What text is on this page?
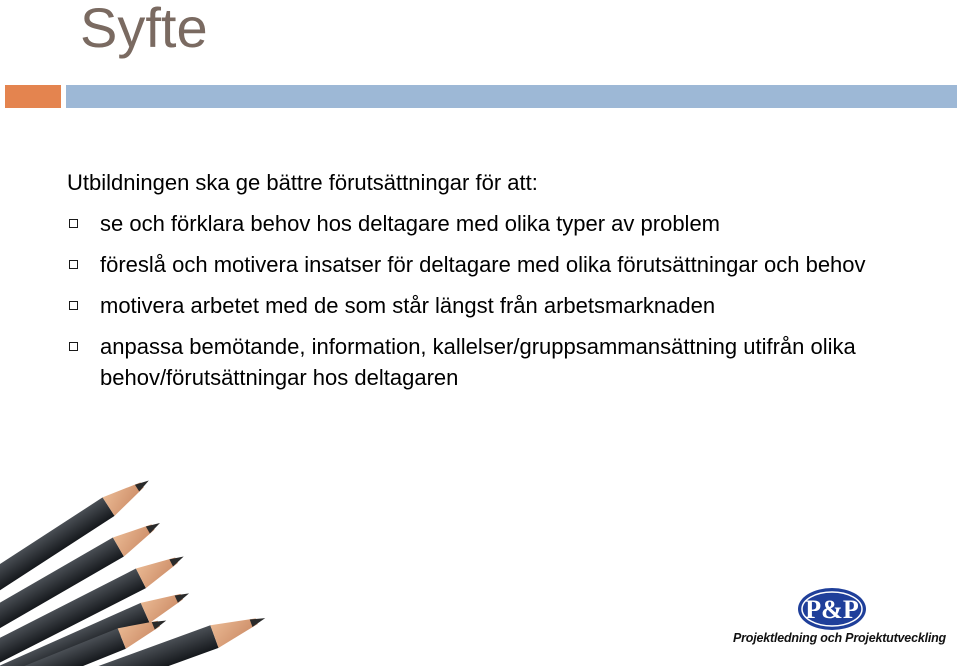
Syfte

Utbildningen ska ge bättre förutsättningar för att:

se och förklara behov hos deltagare med olika typer av problem
föreslå och motivera insatser för deltagare med olika förutsättningar och behov
motivera arbetet med de som står längst från arbetsmarknaden
anpassa bemötande, information, kallelser/gruppsammansättning utifrån olika behov/förutsättningar hos deltagaren
P&P
Projektledning och Projektutveckling
